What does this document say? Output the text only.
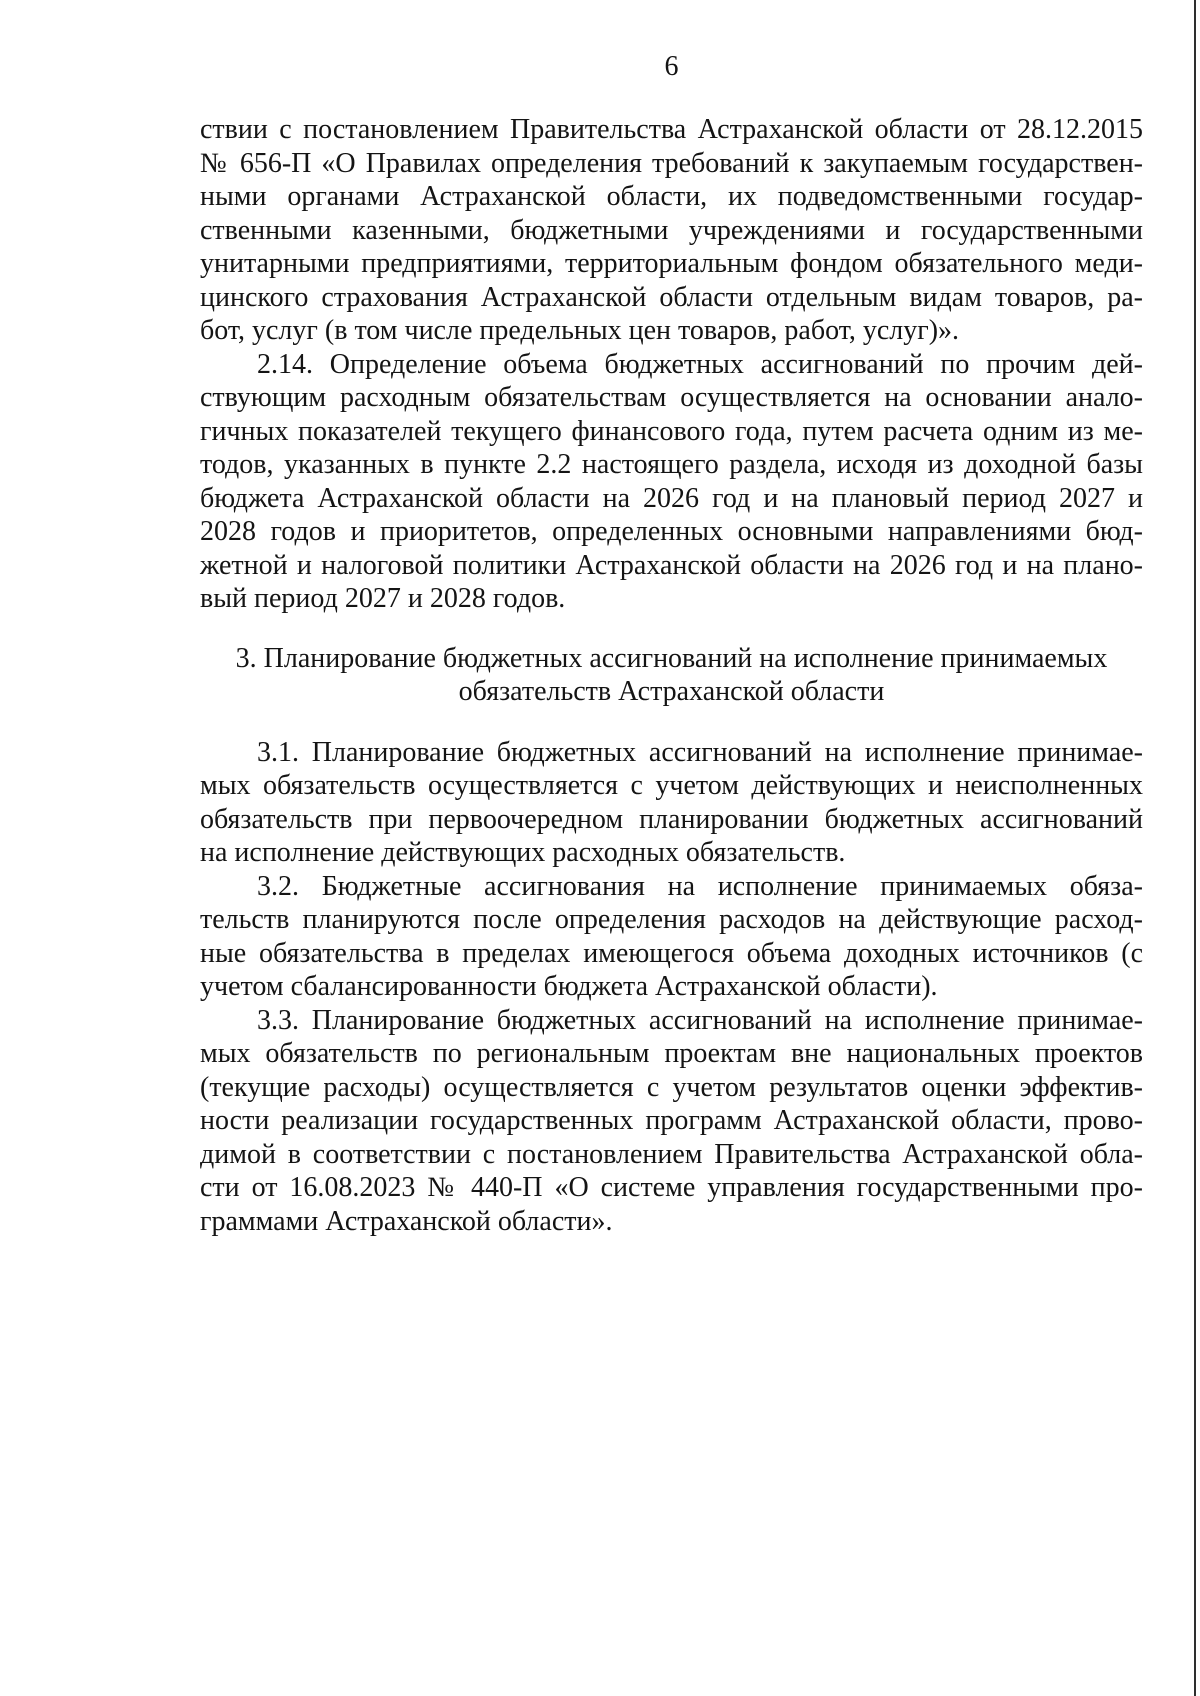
6
ствии с постановлением Правительства Астраханской области от 28.12.2015
№ 656-П «О Правилах определения требований к закупаемым государствен-
ными органами Астраханской области, их подведомственными государ-
ственными казенными, бюджетными учреждениями и государственными
унитарными предприятиями, территориальным фондом обязательного меди-
цинского страхования Астраханской области отдельным видам товаров, ра-
бот, услуг (в том числе предельных цен товаров, работ, услуг)».
2.14. Определение объема бюджетных ассигнований по прочим дей-
ствующим расходным обязательствам осуществляется на основании анало-
гичных показателей текущего финансового года, путем расчета одним из ме-
тодов, указанных в пункте 2.2 настоящего раздела, исходя из доходной базы
бюджета Астраханской области на 2026 год и на плановый период 2027 и
2028 годов и приоритетов, определенных основными направлениями бюд-
жетной и налоговой политики Астраханской области на 2026 год и на плано-
вый период 2027 и 2028 годов.
3. Планирование бюджетных ассигнований на исполнение принимаемых
обязательств Астраханской области
3.1. Планирование бюджетных ассигнований на исполнение принимае-
мых обязательств осуществляется с учетом действующих и неисполненных
обязательств при первоочередном планировании бюджетных ассигнований
на исполнение действующих расходных обязательств.
3.2. Бюджетные ассигнования на исполнение принимаемых обяза-
тельств планируются после определения расходов на действующие расход-
ные обязательства в пределах имеющегося объема доходных источников (с
учетом сбалансированности бюджета Астраханской области).
3.3. Планирование бюджетных ассигнований на исполнение принимае-
мых обязательств по региональным проектам вне национальных проектов
(текущие расходы) осуществляется с учетом результатов оценки эффектив-
ности реализации государственных программ Астраханской области, прово-
димой в соответствии с постановлением Правительства Астраханской обла-
сти от 16.08.2023 № 440-П «О системе управления государственными про-
граммами Астраханской области».
